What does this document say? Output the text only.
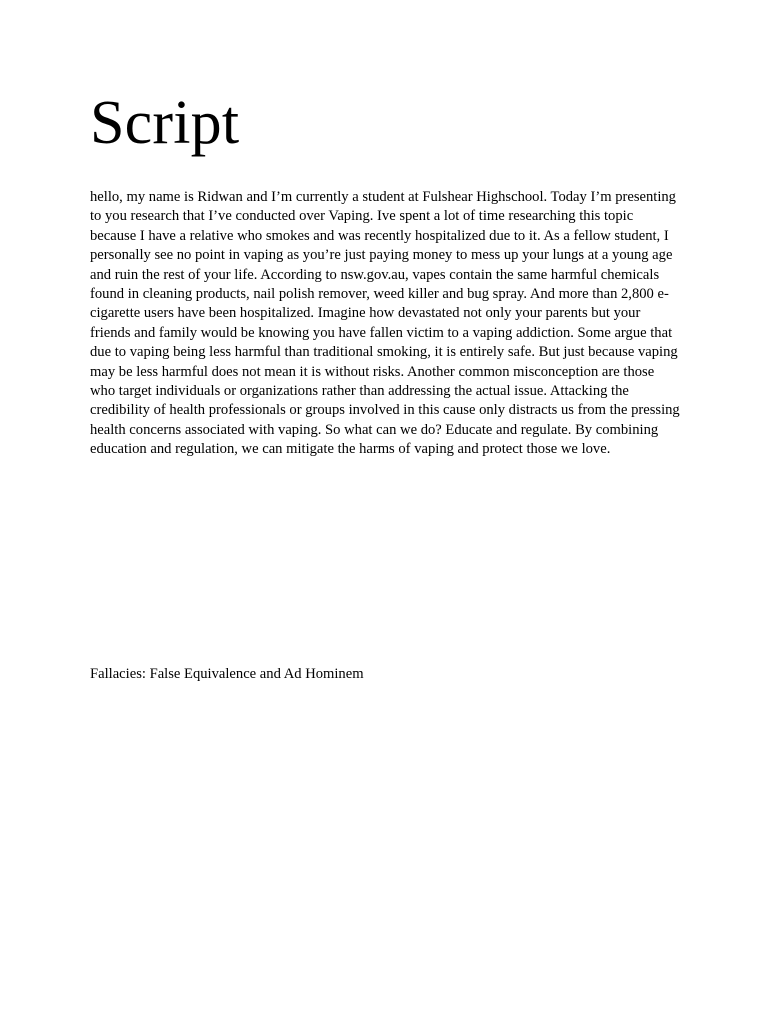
Script

hello, my name is Ridwan and I’m currently a student at Fulshear Highschool. Today I’m presenting to you research that I’ve conducted over Vaping. Ive spent a lot of time researching this topic because I have a relative who smokes and was recently hospitalized due to it. As a fellow student, I personally see no point in vaping as you’re just paying money to mess up your lungs at a young age and ruin the rest of your life. According to nsw.gov.au, vapes contain the same harmful chemicals found in cleaning products, nail polish remover, weed killer and bug spray. And more than 2,800 e-cigarette users have been hospitalized. Imagine how devastated not only your parents but your friends and family would be knowing you have fallen victim to a vaping addiction. Some argue that due to vaping being less harmful than traditional smoking, it is entirely safe. But just because vaping may be less harmful does not mean it is without risks. Another common misconception are those who target individuals or organizations rather than addressing the actual issue. Attacking the credibility of health professionals or groups involved in this cause only distracts us from the pressing health concerns associated with vaping. So what can we do? Educate and regulate. By combining education and regulation, we can mitigate the harms of vaping and protect those we love.

Fallacies: False Equivalence and Ad Hominem
